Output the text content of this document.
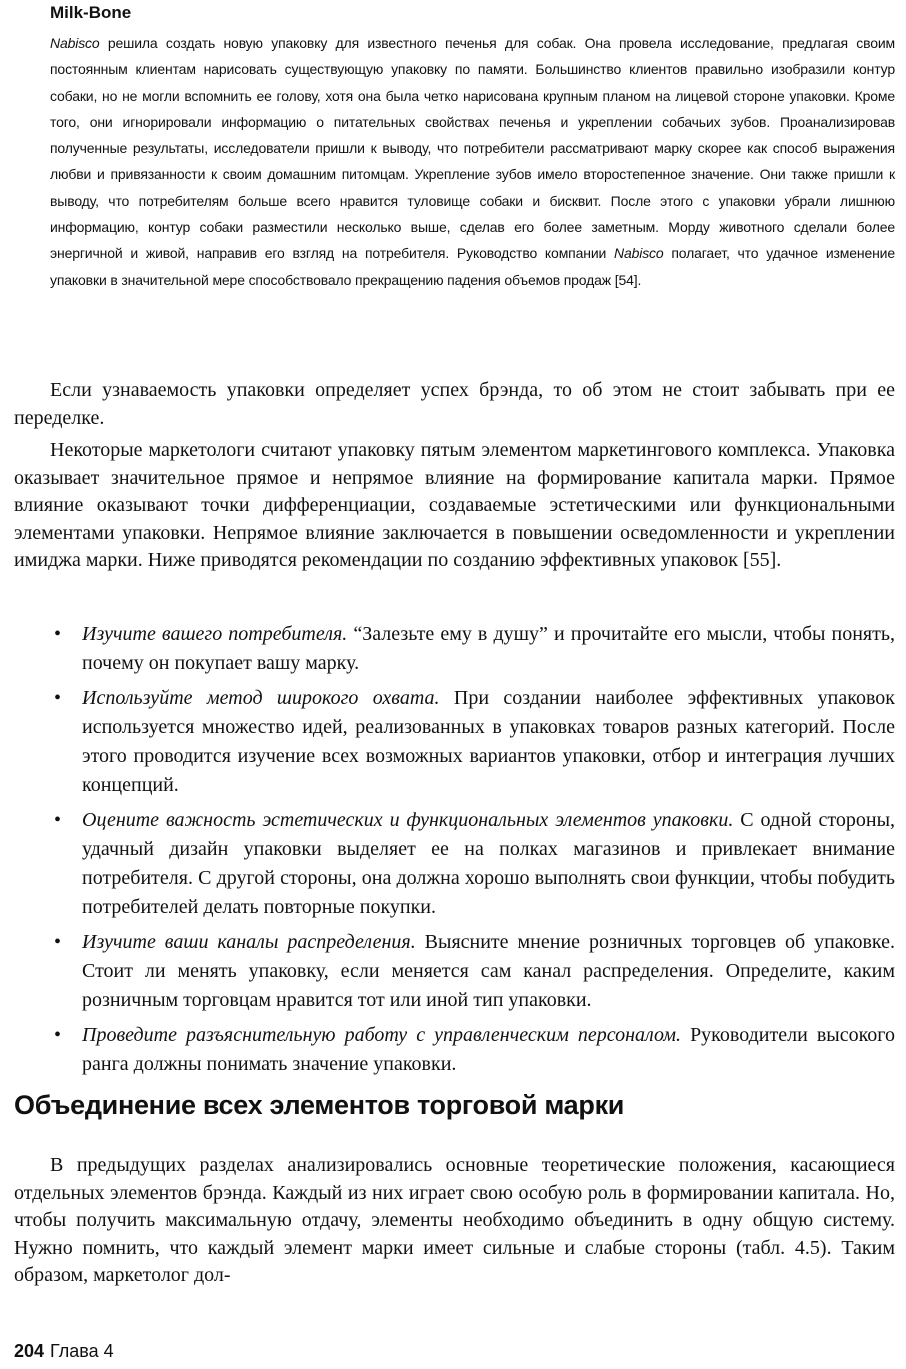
Milk-Bone

Nabisco решила создать новую упаковку для известного печенья для собак. Она провела исследование, предлагая своим постоянным клиентам нарисовать существующую упаковку по памяти. Большинство клиентов правильно изобразили контур собаки, но не могли вспомнить ее голову, хотя она была четко нарисована крупным планом на лицевой стороне упаковки. Кроме того, они игнорировали информацию о питательных свойствах печенья и укреплении собачьих зубов. Проанализировав полученные результаты, исследователи пришли к выводу, что потребители рассматривают марку скорее как способ выражения любви и привязанности к своим домашним питомцам. Укрепление зубов имело второстепенное значение. Они также пришли к выводу, что потребителям больше всего нравится туловище собаки и бисквит. После этого с упаковки убрали лишнюю информацию, контур собаки разместили несколько выше, сделав его более заметным. Морду животного сделали более энергичной и живой, направив его взгляд на потребителя. Руководство компании Nabisco полагает, что удачное изменение упаковки в значительной мере способствовало прекращению падения объемов продаж [54].

Если узнаваемость упаковки определяет успех брэнда, то об этом не стоит забывать при ее переделке.

Некоторые маркетологи считают упаковку пятым элементом маркетингового комплекса. Упаковка оказывает значительное прямое и непрямое влияние на формирование капитала марки. Прямое влияние оказывают точки дифференциации, создаваемые эстетическими или функциональными элементами упаковки. Непрямое влияние заключается в повышении осведомленности и укреплении имиджа марки. Ниже приводятся рекомендации по созданию эффективных упаковок [55].

• Изучите вашего потребителя. “Залезьте ему в душу” и прочитайте его мысли, чтобы понять, почему он покупает вашу марку.
• Используйте метод широкого охвата. При создании наиболее эффективных упаковок используется множество идей, реализованных в упаковках товаров разных категорий. После этого проводится изучение всех возможных вариантов упаковки, отбор и интеграция лучших концепций.
• Оцените важность эстетических и функциональных элементов упаковки. С одной стороны, удачный дизайн упаковки выделяет ее на полках магазинов и привлекает внимание потребителя. С другой стороны, она должна хорошо выполнять свои функции, чтобы побудить потребителей делать повторные покупки.
• Изучите ваши каналы распределения. Выясните мнение розничных торговцев об упаковке. Стоит ли менять упаковку, если меняется сам канал распределения. Определите, каким розничным торговцам нравится тот или иной тип упаковки.
• Проведите разъяснительную работу с управленческим персоналом. Руководители высокого ранга должны понимать значение упаковки.
Объединение всех элементов торговой марки

В предыдущих разделах анализировались основные теоретические положения, касающиеся отдельных элементов брэнда. Каждый из них играет свою особую роль в формировании капитала. Но, чтобы получить максимальную отдачу, элементы необходимо объединить в одну общую систему. Нужно помнить, что каждый элемент марки имеет сильные и слабые стороны (табл. 4.5). Таким образом, маркетолог дол-

204 Глава 4
